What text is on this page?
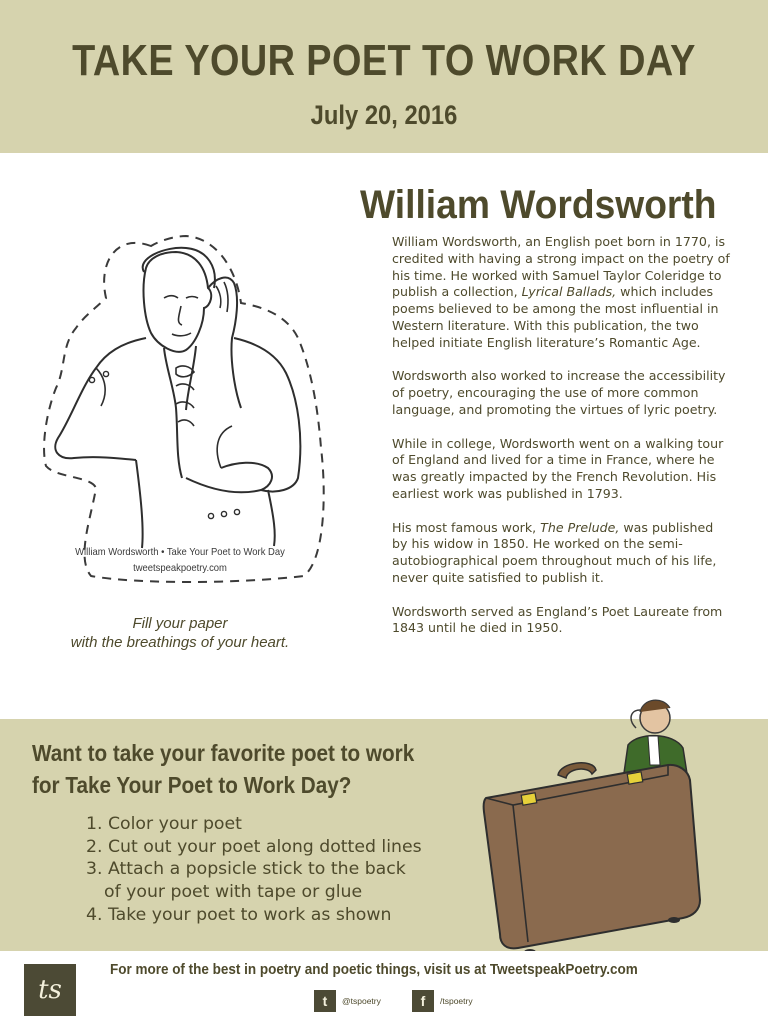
TAKE YOUR POET TO WORK DAY
July 20, 2016
William Wordsworth

William Wordsworth, an English poet born in 1770, is credited with having a strong impact on the poetry of his time. He worked with Samuel Taylor Coleridge to publish a collection, Lyrical Ballads, which includes poems believed to be among the most influential in Western literature. With this publication, the two helped initiate English literature’s Romantic Age.

Wordsworth also worked to increase the accessibility of poetry, encouraging the use of more common language, and promoting the virtues of lyric poetry.

While in college, Wordsworth went on a walking tour of England and lived for a time in France, where he was greatly impacted by the French Revolution. His earliest work was published in 1793.

His most famous work, The Prelude, was published by his widow in 1850. He worked on the semi-autobiographical poem throughout much of his life, never quite satisfied to publish it.

Wordsworth served as England’s Poet Laureate from 1843 until he died in 1950.

William Wordsworth • Take Your Poet to Work Day
tweetspeakpoetry.com
Fill your paper
with the breathings of your heart.
Want to take your favorite poet to work
for Take Your Poet to Work Day?
1. Color your poet
2. Cut out your poet along dotted lines
3. Attach a popsicle stick to the back
of your poet with tape or glue
4. Take your poet to work as shown
ts
For more of the best in poetry and poetic things, visit us at TweetspeakPoetry.com
t	@tspoetry	f	/tspoetry
